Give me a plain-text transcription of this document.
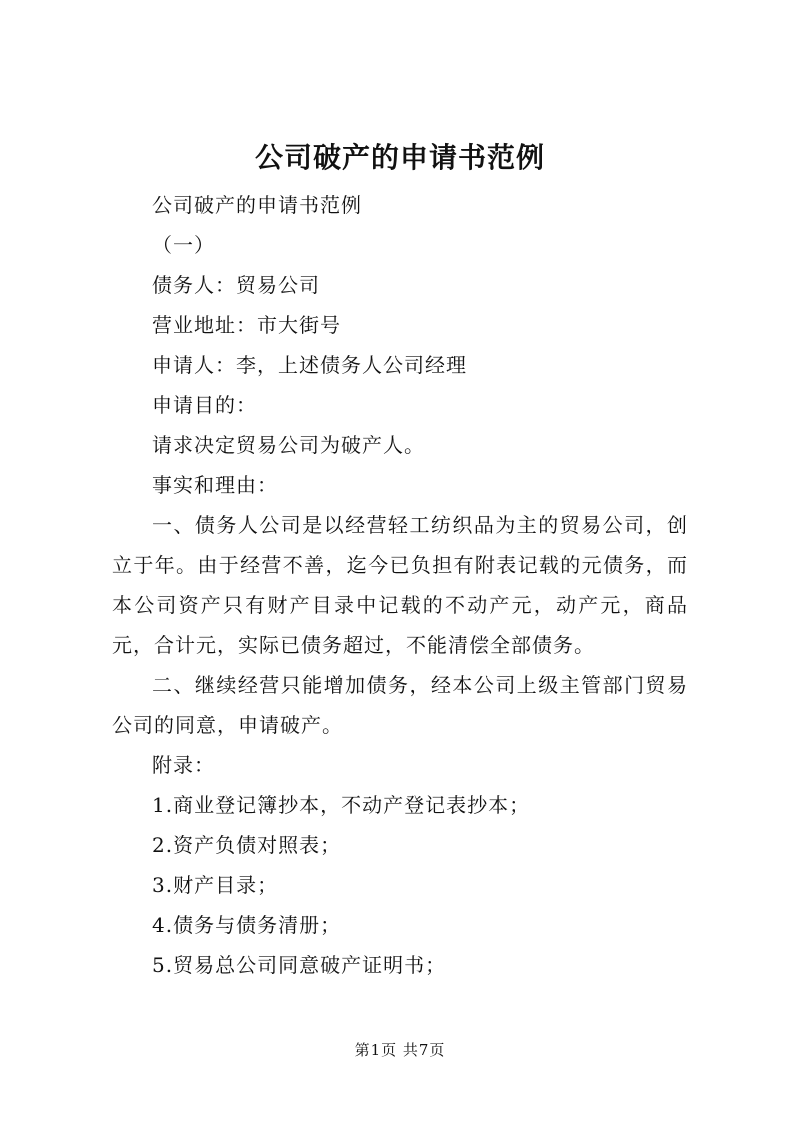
公司破产的申请书范例

公司破产的申请书范例

（一）

债务人：贸易公司

营业地址：市大街号

申请人：李，上述债务人公司经理

申请目的：

请求决定贸易公司为破产人。

事实和理由：

一、债务人公司是以经营轻工纺织品为主的贸易公司，创立于年。由于经营不善，迄今已负担有附表记载的元债务，而本公司资产只有财产目录中记载的不动产元，动产元，商品元，合计元，实际已债务超过，不能清偿全部债务。

二、继续经营只能增加债务，经本公司上级主管部门贸易公司的同意，申请破产。

附录：

1.商业登记簿抄本，不动产登记表抄本；

2.资产负债对照表；

3.财产目录；

4.债务与债务清册；

5.贸易总公司同意破产证明书；

第1页 共7页
